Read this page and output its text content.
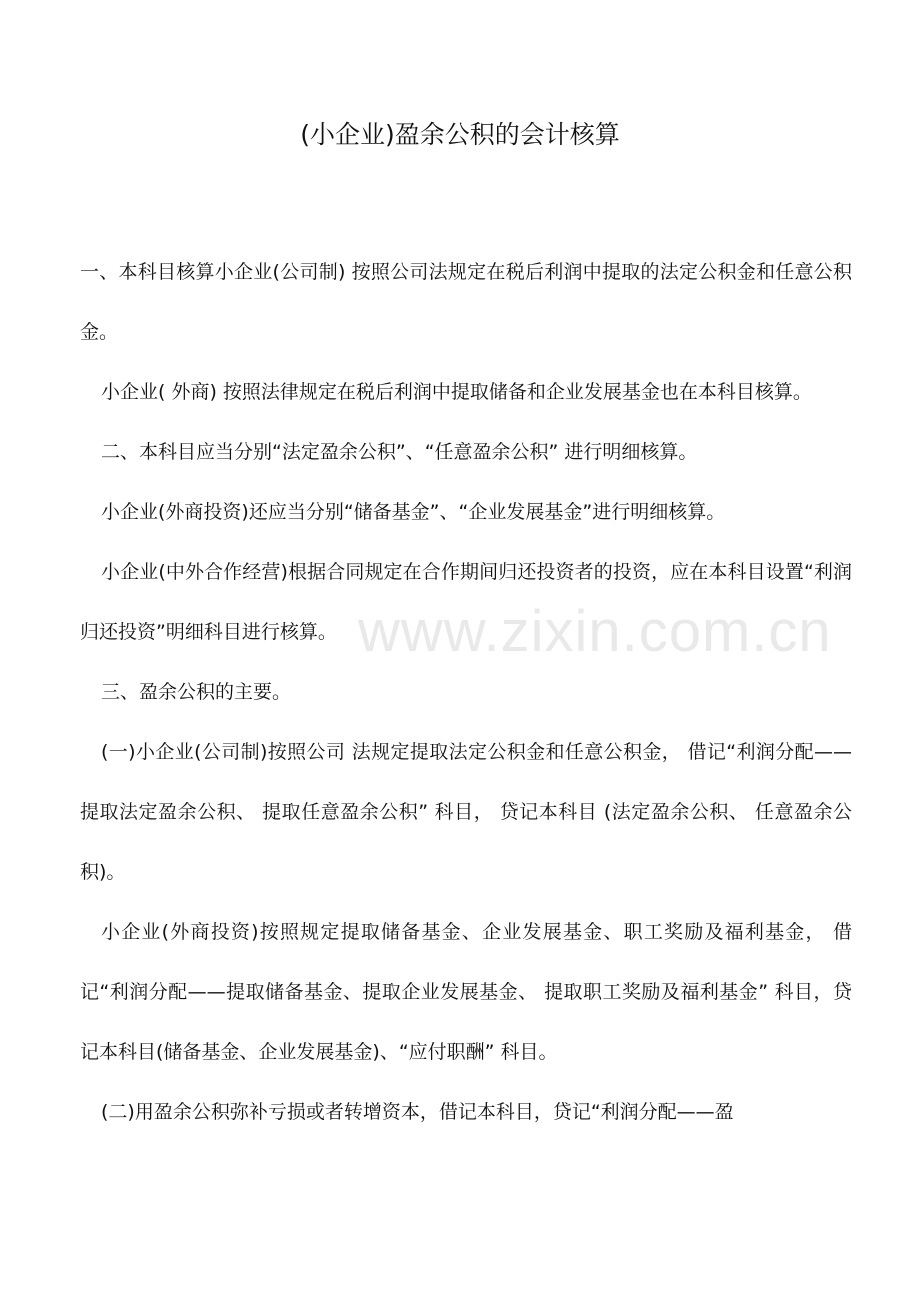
www.zixin.com.cn
(小企业)盈余公积的会计核算

一、本科目核算小企业(公司制) 按照公司法规定在税后利润中提取的法定公积金和任意公积金。

小企业( 外商) 按照法律规定在税后利润中提取储备和企业发展基金也在本科目核算。

二、本科目应当分别“法定盈余公积”、“任意盈余公积” 进行明细核算。

小企业(外商投资)还应当分别“储备基金”、“企业发展基金”进行明细核算。

小企业(中外合作经营)根据合同规定在合作期间归还投资者的投资，应在本科目设置“利润归还投资”明细科目进行核算。

三、盈余公积的主要。

(一)小企业(公司制)按照公司 法规定提取法定公积金和任意公积金， 借记“利润分配——提取法定盈余公积、 提取任意盈余公积” 科目， 贷记本科目 (法定盈余公积、 任意盈余公积)。

小企业(外商投资)按照规定提取储备基金、企业发展基金、职工奖励及福利基金， 借记“利润分配——提取储备基金、提取企业发展基金、 提取职工奖励及福利基金” 科目，贷记本科目(储备基金、企业发展基金)、“应付职酬” 科目。

(二)用盈余公积弥补亏损或者转增资本，借记本科目，贷记“利润分配——盈
